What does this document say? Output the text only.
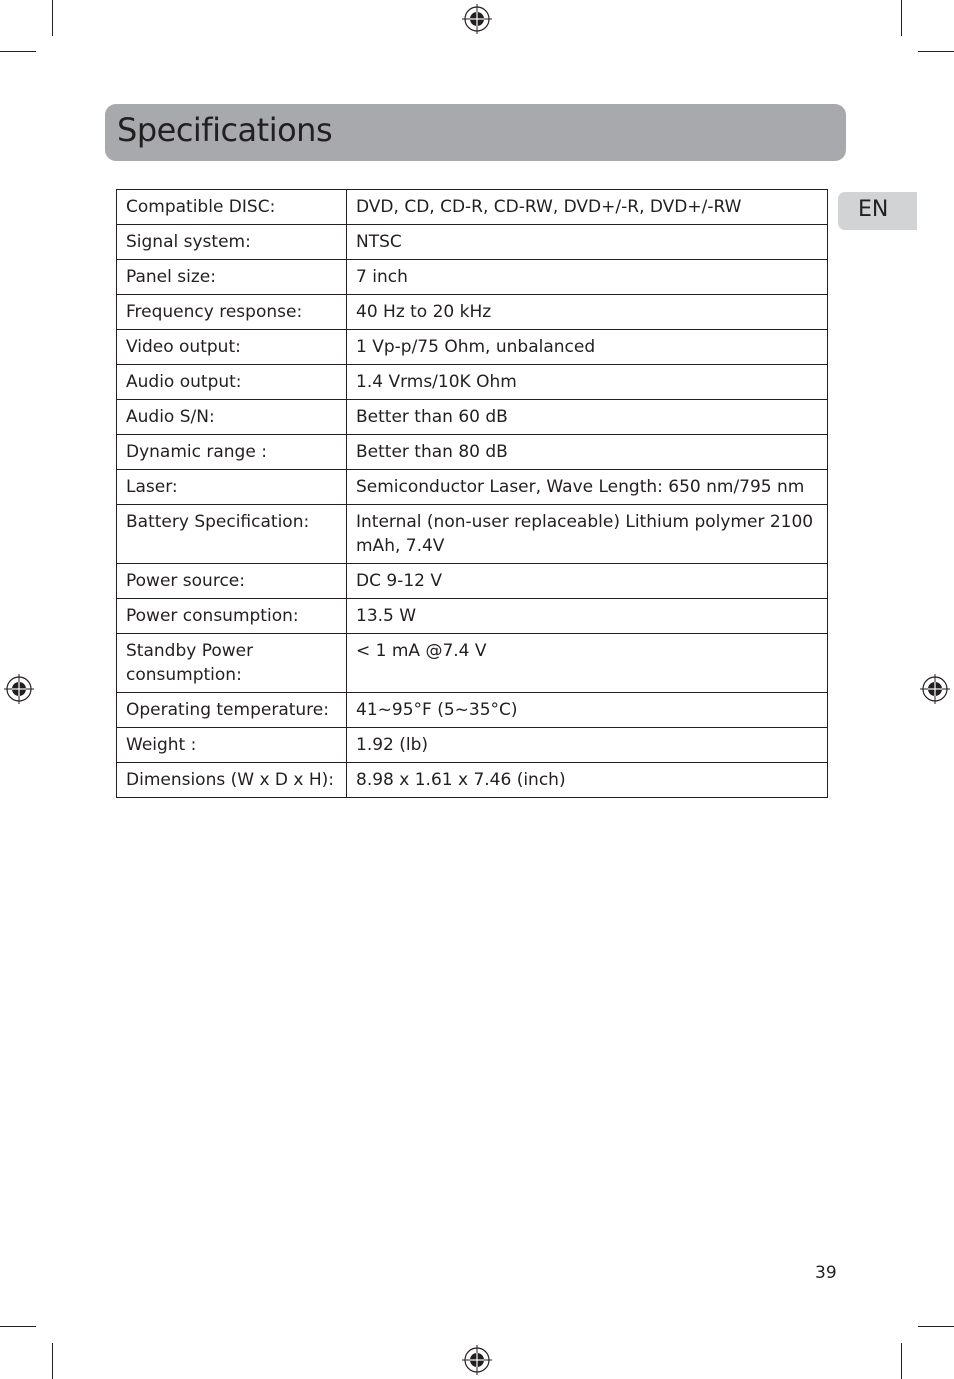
Specifications
EN
Compatible DISC:	DVD, CD, CD-R, CD-RW, DVD+/-R, DVD+/-RW
Signal system:	NTSC
Panel size:	7 inch
Frequency response:	40 Hz to 20 kHz
Video output:	1 Vp-p/75 Ohm, unbalanced
Audio output:	1.4 Vrms/10K Ohm
Audio S/N:	Better than 60 dB
Dynamic range :	Better than 80 dB
Laser:	Semiconductor Laser, Wave Length: 650 nm/795 nm
Battery Specification:	Internal (non-user replaceable) Lithium polymer 2100 mAh, 7.4V
Power source:	DC 9-12 V
Power consumption:	13.5 W
Standby Power consumption:	< 1 mA @7.4 V
Operating temperature:	41~95°F (5~35°C)
Weight :	1.92 (lb)
Dimensions (W x D x H):	8.98 x 1.61 x 7.46 (inch)
39
